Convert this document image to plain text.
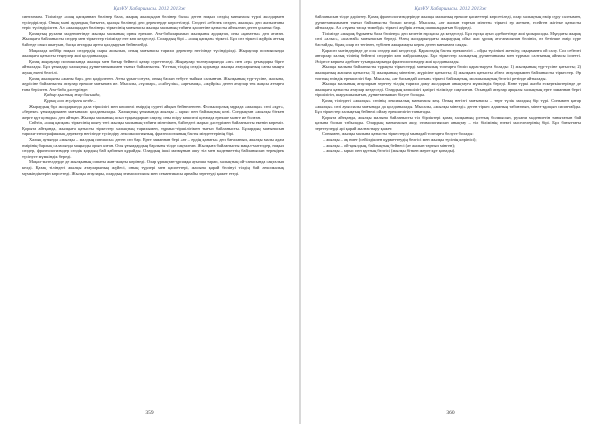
ҚазҰУ Хабаршысы. 2012 2013ж

синтагмам. Тілімізде «шаң қапқаннан бөлінер бала, жырақ жылқыдан бөлінер бала» деген нақыл сөздің мағынасы түрлі жолдармен түсіндіріледі. Оның мәні аудандық бағытта, қылқы бөлінеді деп деректерде көрсетіледі. Сөздегі «ебелек сөзден, жылқы» деп жазылғаны теріс түсіндірілген. Ал «жылқыдан бөлінер» тіркесінің мағынасы жылқы малының табиғи қасиетіне қатысты айтылған деген ұсыныс бар.

Қазақтың рухани мәдениетінде жылқы малының орны ерекше. Ата-бабаларымыз жылқыны ардақтап, оны «қанатты» деп атаған. Жылқыға байланысты сөздер мен тіркестер тілімізде өте көп кездеседі. Солардың бірі – «шаң қапқан» тіркесі. Бұл сөз тіркесі жүйрік аттың бәйгеде озып шығуын, басқа аттарды артта қалдыруын бейнелейді.

Мақалада кейбір нақыл сөздердің сыры ашылып, оның мағынасы тарихи деректер негізінде түсіндірілді. Жыраулар поэзиясында жылқыға қатысты теңеулер жиі қолданылады.

Қазақ жыраулар поэзиясында жылқы мен батыр бейнесі қатар суреттеледі. Жыраулар толғауларында «ат» пен «ер» ұғымдары бірге айтылады. Бұл ұғымдар халықтың дүниетанымымен тығыз байланысты. Ұлттық тілдің сөздік қорында жылқы атауларының саны мыңға жуық екені белгілі.

Қазақ жылқыны «жаны бар» деп қадірлеген. Атты ұрып-соғуға, оның басын тебуге тыйым салынған. Жылқының түр-түсіне, жасына, жүрісіне байланысты атаулар ерекше мағынаға ие. Мысалы, «тұлпар», «сәйгүлік», «арғымақ», «жүйрік» деген атаулар тек жақсы аттарға ғана берілген. Ата-баба дәстүрінде:

Қадыр қыстың жар басында,

Құрық ала жүгірген кезде...

Жыраудың бұл жолдарында дала тіршілігі мен көшпелі өмірдің суреті айқын бейнеленген. Фольклорлық мұрада «жылқы» сөзі «құт», «береке» ұғымдарымен мағыналас қолданылады. Халықтың ұғымында жылқы – ырыс пен байлықтың көзі. Сондықтан «жылқы біткен жерге құт қонады» деп айтқан. Жылқы малының асыл тұқымдарын сақтау, оны өсіру көшпелі қоғамда ерекше мәнге ие болған.

Сөйтіп, «шаң қапқан» тіркесінің шығу тегі жылқы малының табиғи мінезімен, бәйгедегі жарыс дәстүрімен байланысты екенін көреміз. Қорыта айтқанда, жылқыға қатысты тіркестер халықтың тарихымен, тұрмыс-тіршілігімен тығыз байланысты. Бұлардың мағынасын тарихи-этнографиялық деректер негізінде түсіндіру лексикологияның, фразеологияның басты міндеттерінің бірі.

Халық аузында «жылқы – малдың патшасы» деген сөз бар. Ерте заманнан бері «ат – ердің қанаты» деп бағаланып, жылқы малы адам өмірінің барлық саласында маңызды орын алған. Осы ұғымдардың барлығы тілде сақталған. Жылқыға байланысты мақал-мәтелдер, нақыл сөздер, фразеологизмдер сөздік қордың бай қабатын құрайды. Олардың ішкі мазмұнын ашу тіл мен мәдениеттің байланысын тереңірек түсінуге мүмкіндік береді.

Мақал-мәтелдерде де жылқының сипаты жан-жақты көрінеді. Олар ұрпақтан-ұрпаққа ауызша тарап, халықтың ой-санасында сақталып келді. Қазақ тіліндегі жылқы атауларының жүйесі, оның түрлері мен қасиеттері, жасына қарай бөлінуі тілдің бай лексикалық мүмкіндіктерін көрсетеді. Жылқы атаулары, олардың этимологиясы мен семантикасы арнайы зерттеуді қажет етеді.

359
ҚазҰУ Хабаршысы. 2012 2013ж

байланысын тілде дәріптеу. Қазақ фразеологизмдерінде жылқы малының ерекше қасиеттері көрсетіледі, олар халықтың өмір сүру салтымен, дүниетанымымен тығыз байланысты болып келеді. Мысалы, «ат жалын тартып мінген» тіркесі ер жеткен, есейген жігітке қатысты айтылады. Ал «тұяғы тасқа тимейді» тіркесі жүйрік аттың шапшаңдығын білдіреді.

Тілімізде «жырақ бұрынғы бала бөлінер» деп келетін нұсқасы да кездеседі. Бұл нұсқа ауыз әдебиетінде жиі ұшырасады. Мұндағы жырақ сөзі «алыс», «шалғай» мағынасын береді. Өлең жолдарындағы жыраудың ойы: жас ұрпақ ата-анасынан бөлініп, өз бетінше өмір сүре бастайды, бірақ олар өз тегінен, түбінен ажырамауы керек деген мағынаға саяды.

Қарасөз мәтіндерінде де осы сөздер жиі кездеседі. Қарасөздің басты ерекшелігі – ойды түсінікті жеткізу, оқырманға ой салу. Сол себепті авторлар халық тілінің бейнелі сөздерін көп пайдаланады. Бұл тіркестер халықтың дүниетанымы мен тұрмыс салтының айнасы іспетті. Әсіресе көркем әдебиет туындыларында фразеологизмдер жиі қолданылады.

Жылқы малына байланысты тұрақты тіркестерді мағыналық топтарға бөліп қарастыруға болады: 1) жылқының түр-түсіне қатысты; 2) жылқының жасына қатысты; 3) жылқының мінезіне, жүрісіне қатысты; 4) жылқыға қатысты әбзел атауларымен байланысты тіркестер. Әр топтың өзіндік ерекшелігі бар. Мысалы, «ат басындай алтын» тіркесі байлықтың, молшылықтың белгісі ретінде айтылады.

Жылқы малының атауларын зерттеу тілдің тарихи даму жолдарын анықтауға мүмкіндік береді. Көне түркі жазба ескерткіштерінде де жылқыға қатысты атаулар кездеседі. Олардың көпшілігі қазіргі тілімізде сақталған. Осындай атаулар арқылы халықтың ерте заманнан бергі тіршілігін, шаруашылығын, дүниетанымын білуге болады.

Қазақ тіліндегі «жылқы» сөзінің лексикалық мағынасы кең. Оның негізгі мағынасы – төрт түлік малдың бір түрі. Сонымен қатар «жылқы» сөзі ауыспалы мағынада да қолданылады. Мысалы, «жылқы мінезді» деген тіркес адамның табиғатын, мінез-құлқын сипаттайды. Бұл тіркестер халықтың бейнелі ойлау ерекшелігін танытады.

Қорыта айтқанда, жылқы малына байланысты тіл бірліктері қазақ халқының ұлттық болмысын, рухани мәдениетін танытатын бай қазына болып табылады. Олардың мағынасын ашу, этимологиясын анықтау – тіл білімінің өзекті мәселелерінің бірі. Бұл бағыттағы зерттеулерді әрі қарай жалғастыру қажет.

Сонымен, жылқы малына қатысты тіркестерді мынадай топтарға бөлуге болады:

– жылқы – ақ ниет (сейілдікпен құрметтеудің белгісі мен жылқы түсінің көрінісі);

– жылқы – ой-қиялдың, байлықтың бейнесі (ат жалын тартып мінген);

– жылқы – ырыс пен құттың белгісі (жылқы біткен жерге құт қонады).

360
